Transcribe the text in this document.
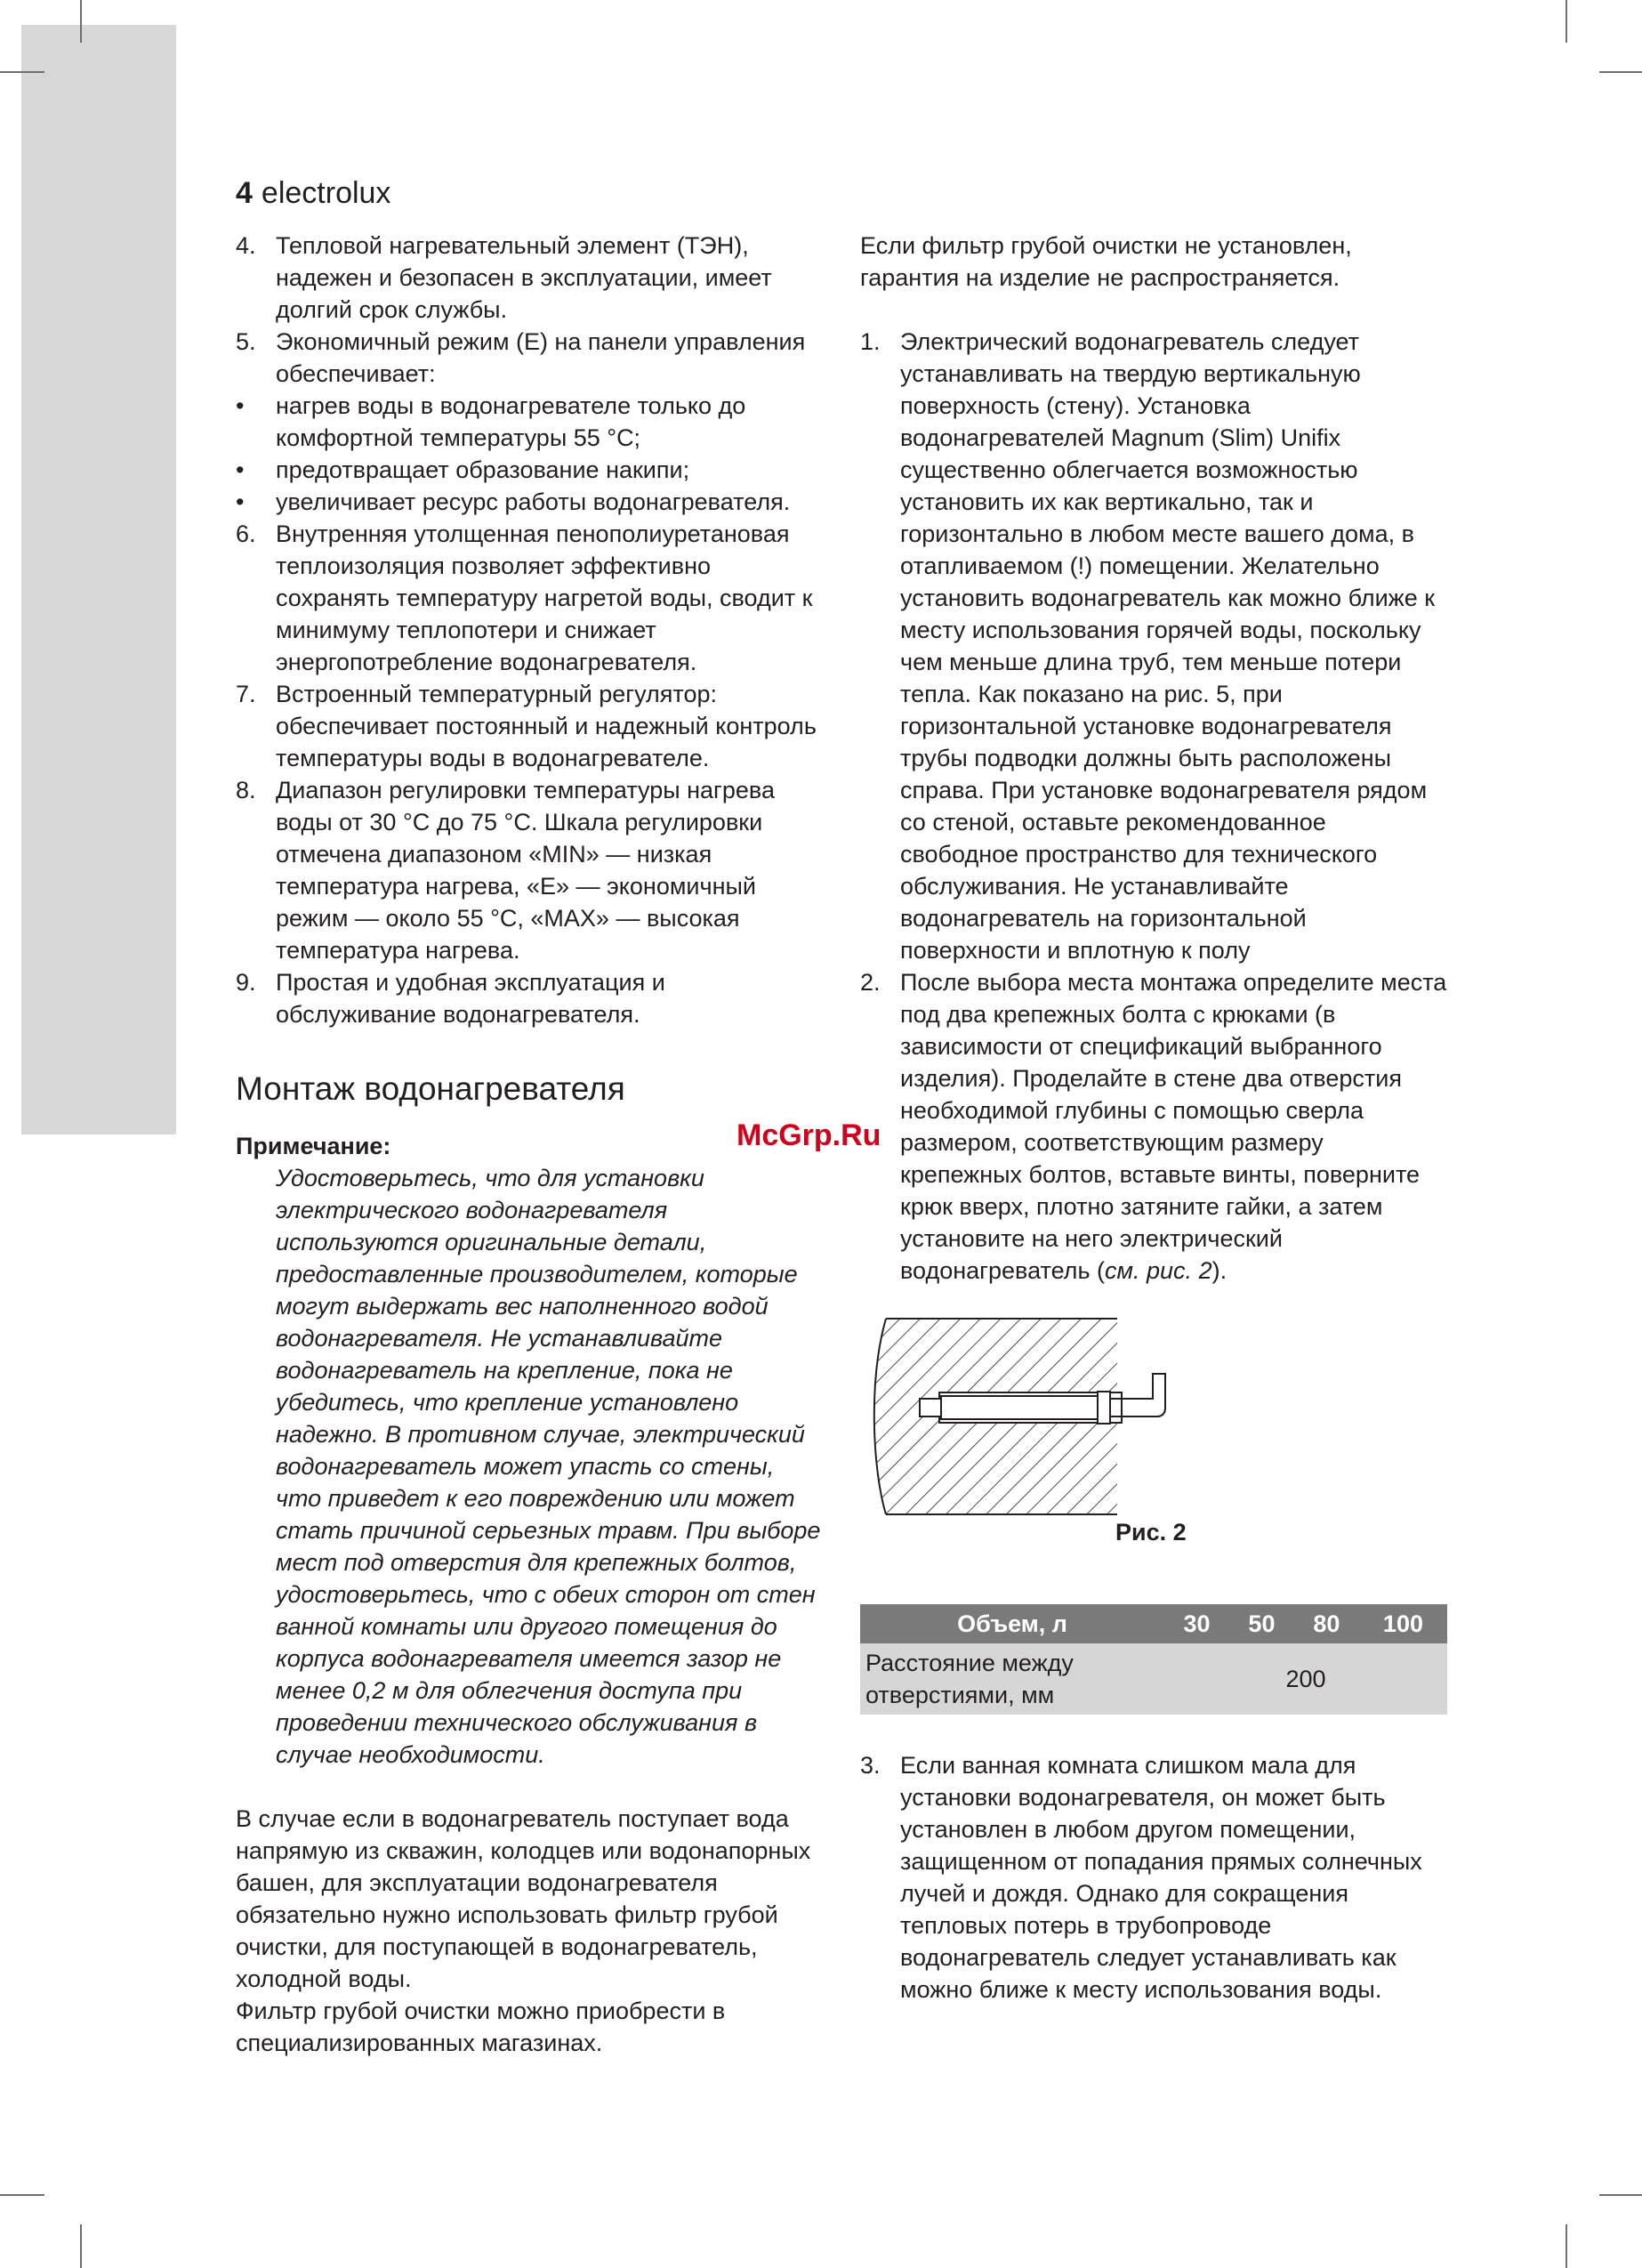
4 electrolux
4. Тепловой нагревательный элемент (ТЭН), надежен и безопасен в эксплуатации, имеет долгий срок службы.
5. Экономичный режим (E) на панели управления обеспечивает:
•	нагрев воды в водонагревателе только до комфортной температуры 55 °C;
•	предотвращает образование накипи;
•	увеличивает ресурс работы водонагревателя.
6. Внутренняя утолщенная пенополиуретановая теплоизоляция позволяет эффективно сохранять температуру нагретой воды, сводит к минимуму теплопотери и снижает энергопотребление водонагревателя.
7. Встроенный температурный регулятор: обеспечивает постоянный и надежный контроль температуры воды в водонагревателе.
8. Диапазон регулировки температуры нагрева воды от 30 °C до 75 °C. Шкала регулировки отмечена диапазоном «MIN» — низкая температура нагрева, «E» — экономичный режим — около 55 °C, «MAX» — высокая температура нагрева.
9. Простая и удобная эксплуатация и обслуживание водонагревателя.
Монтаж водонагревателя

Примечание:

Удостоверьтесь, что для установки электрического водонагревателя используются оригинальные детали, предоставленные производителем, которые могут выдержать вес наполненного водой водонагревателя. Не устанавливайте водонагреватель на крепление, пока не убедитесь, что крепление установлено надежно. В противном случае, электрический водонагреватель может упасть со стены, что приведет к его повреждению или может стать причиной серьезных травм. При выборе мест под отверстия для крепежных болтов, удостоверьтесь, что с обеих сторон от стен ванной комнаты или другого помещения до корпуса водонагревателя имеется зазор не менее 0,2 м для облегчения доступа при проведении технического обслуживания в случае необходимости.

В случае если в водонагреватель поступает вода напрямую из скважин, колодцев или водонапорных башен, для эксплуатации водонагревателя обязательно нужно использовать фильтр грубой очистки, для поступающей в водонагреватель, холодной воды.

Фильтр грубой очистки можно приобрести в специализированных магазинах.

Если фильтр грубой очистки не установлен, гарантия на изделие не распространяется.

1. Электрический водонагреватель следует устанавливать на твердую вертикальную поверхность (стену). Установка водонагревателей Magnum (Slim) Unifix существенно облегчается возможностью установить их как вертикально, так и горизонтально в любом месте вашего дома, в отапливаемом (!) помещении. Желательно установить водонагреватель как можно ближе к месту использования горячей воды, поскольку чем меньше длина труб, тем меньше потери тепла. Как показано на рис. 5, при горизонтальной установке водонагревателя трубы подводки должны быть расположены справа. При установке водонагревателя рядом со стеной, оставьте рекомендованное свободное пространство для технического обслуживания. Не устанавливайте водонагреватель на горизонтальной поверхности и вплотную к полу
2. После выбора места монтажа определите места под два крепежных болта с крюками (в зависимости от спецификаций выбранного изделия). Проделайте в стене два отверстия необходимой глубины с помощью сверла размером, соответствующим размеру крепежных болтов, вставьте винты, поверните крюк вверх, плотно затяните гайки, а затем установите на него электрический водонагреватель (см. рис. 2).
McGrp.Ru
Рис. 2
Объем, л	30	50	80	100
Расстояние между отверстиями, мм	200			
3. Если ванная комната слишком мала для установки водонагревателя, он может быть установлен в любом другом помещении, защищенном от попадания прямых солнечных лучей и дождя. Однако для сокращения тепловых потерь в трубопроводе водонагреватель следует устанавливать как можно ближе к месту использования воды.
